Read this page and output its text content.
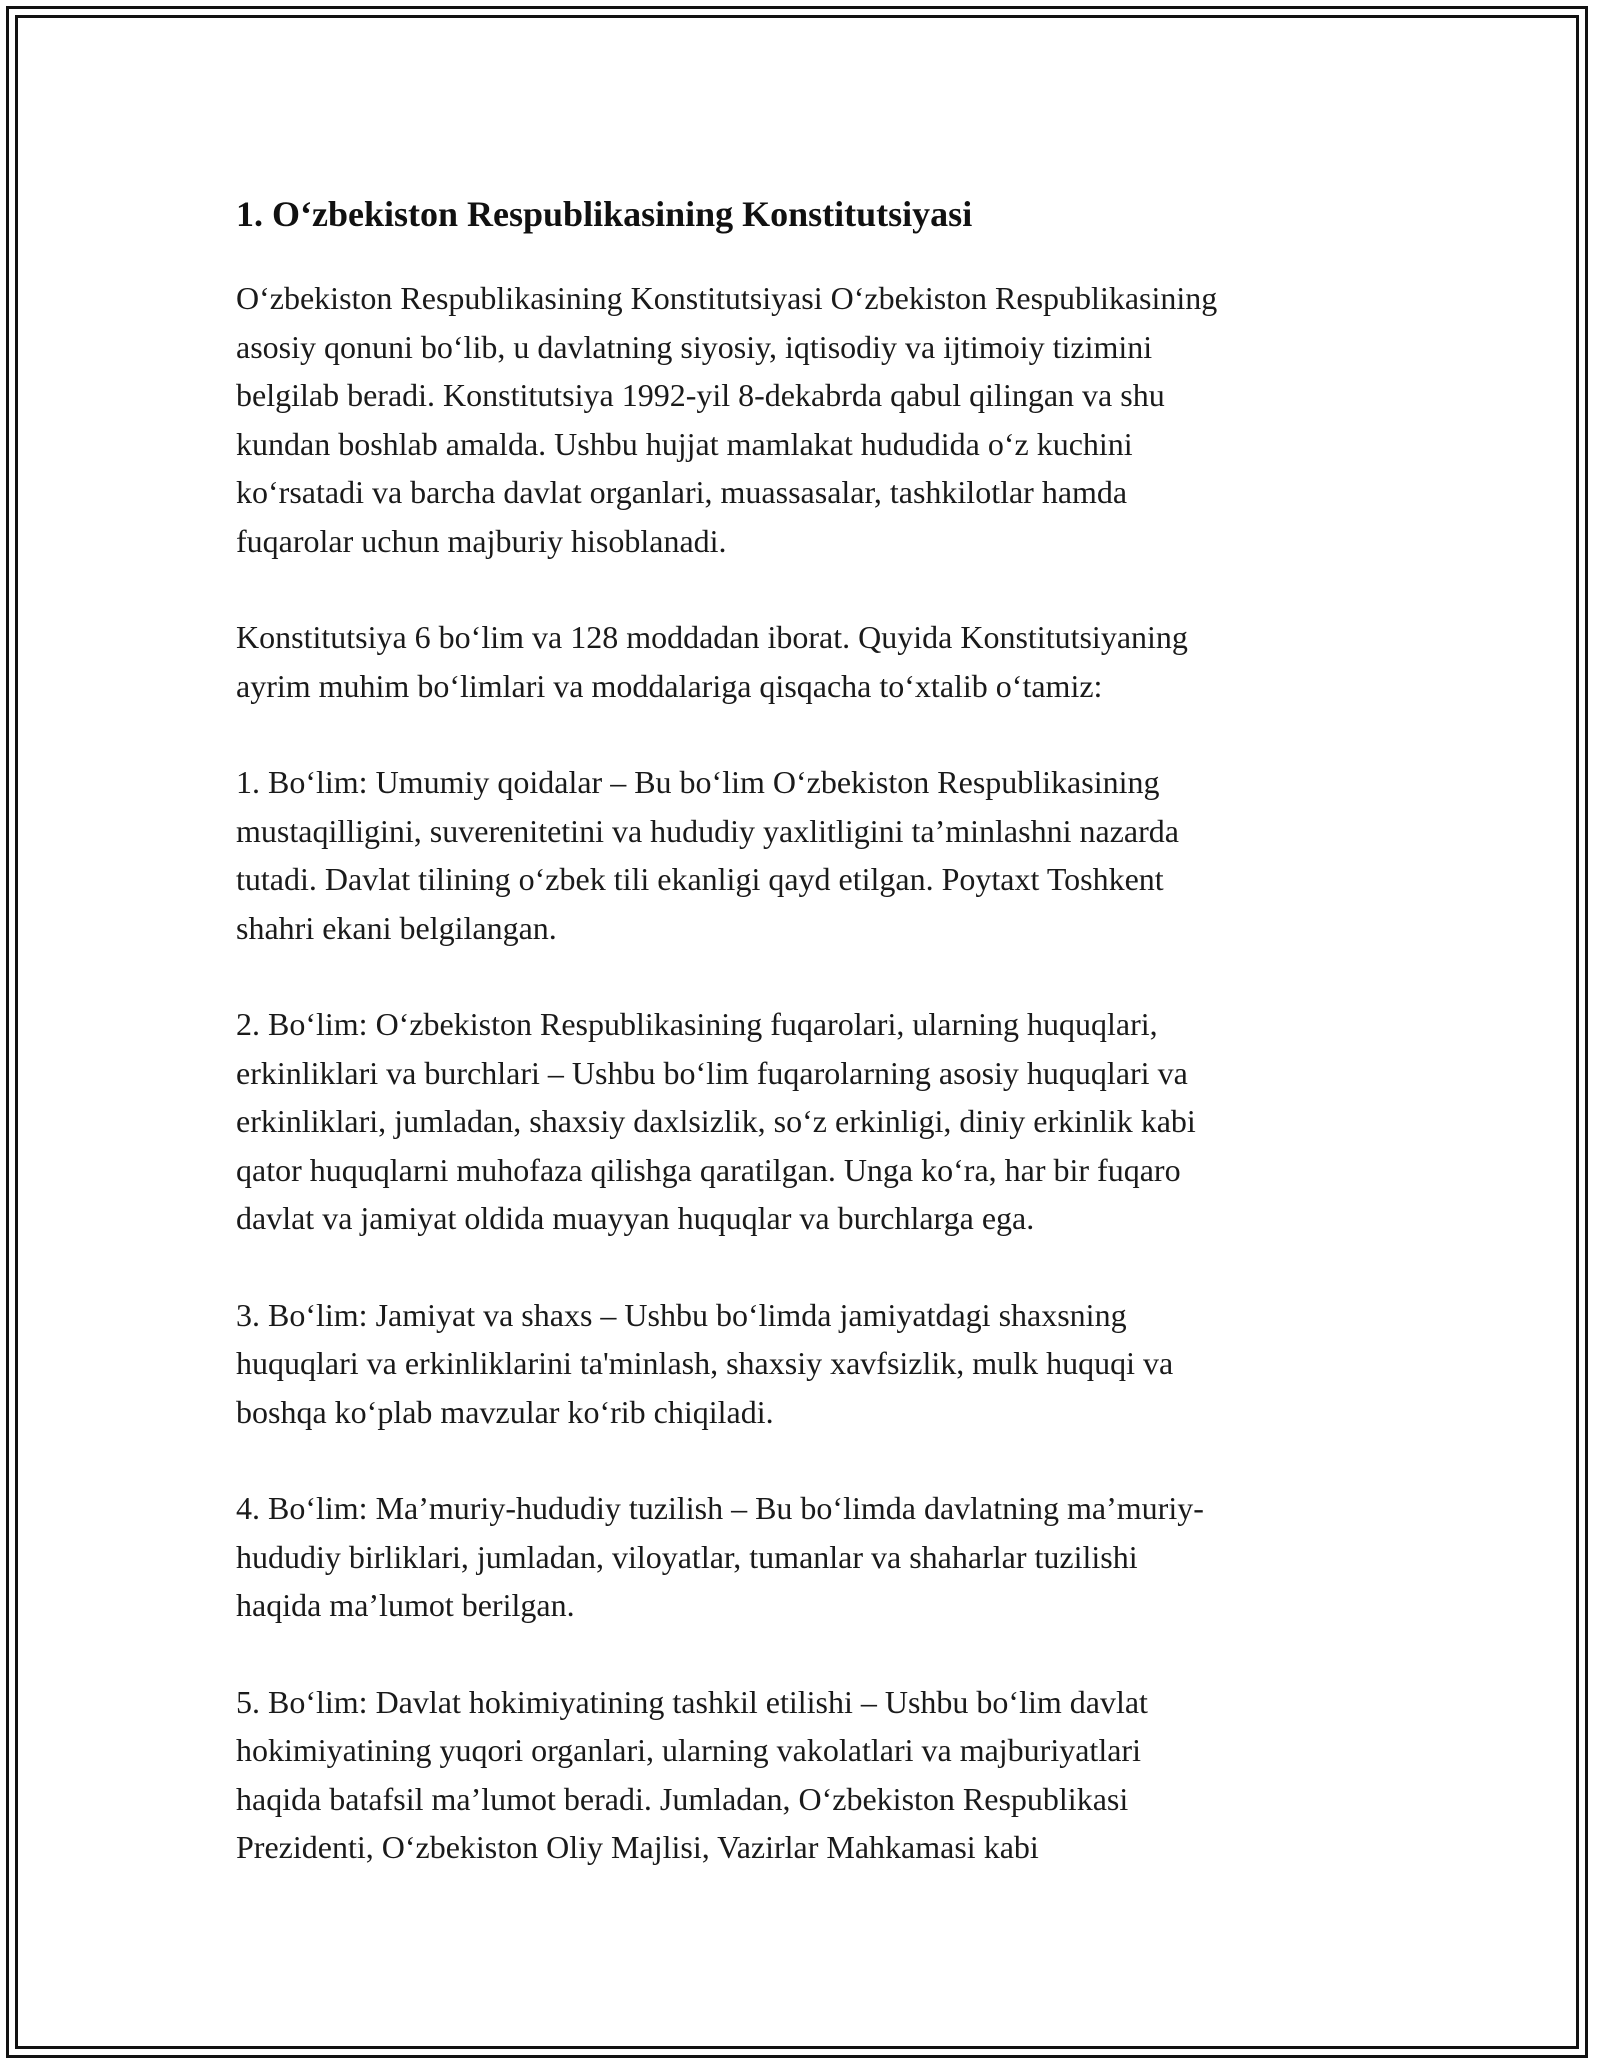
1. O‘zbekiston Respublikasining Konstitutsiyasi

O‘zbekiston Respublikasining Konstitutsiyasi O‘zbekiston Respublikasining
asosiy qonuni bo‘lib, u davlatning siyosiy, iqtisodiy va ijtimoiy tizimini
belgilab beradi. Konstitutsiya 1992-yil 8-dekabrda qabul qilingan va shu
kundan boshlab amalda. Ushbu hujjat mamlakat hududida o‘z kuchini
ko‘rsatadi va barcha davlat organlari, muassasalar, tashkilotlar hamda
fuqarolar uchun majburiy hisoblanadi.

Konstitutsiya 6 bo‘lim va 128 moddadan iborat. Quyida Konstitutsiyaning
ayrim muhim bo‘limlari va moddalariga qisqacha to‘xtalib o‘tamiz:

1. Bo‘lim: Umumiy qoidalar – Bu bo‘lim O‘zbekiston Respublikasining
mustaqilligini, suverenitetini va hududiy yaxlitligini ta’minlashni nazarda
tutadi. Davlat tilining o‘zbek tili ekanligi qayd etilgan. Poytaxt Toshkent
shahri ekani belgilangan.

2. Bo‘lim: O‘zbekiston Respublikasining fuqarolari, ularning huquqlari,
erkinliklari va burchlari – Ushbu bo‘lim fuqarolarning asosiy huquqlari va
erkinliklari, jumladan, shaxsiy daxlsizlik, so‘z erkinligi, diniy erkinlik kabi
qator huquqlarni muhofaza qilishga qaratilgan. Unga ko‘ra, har bir fuqaro
davlat va jamiyat oldida muayyan huquqlar va burchlarga ega.

3. Bo‘lim: Jamiyat va shaxs – Ushbu bo‘limda jamiyatdagi shaxsning
huquqlari va erkinliklarini ta'minlash, shaxsiy xavfsizlik, mulk huquqi va
boshqa ko‘plab mavzular ko‘rib chiqiladi.

4. Bo‘lim: Ma’muriy-hududiy tuzilish – Bu bo‘limda davlatning ma’muriy-
hududiy birliklari, jumladan, viloyatlar, tumanlar va shaharlar tuzilishi
haqida ma’lumot berilgan.

5. Bo‘lim: Davlat hokimiyatining tashkil etilishi – Ushbu bo‘lim davlat
hokimiyatining yuqori organlari, ularning vakolatlari va majburiyatlari
haqida batafsil ma’lumot beradi. Jumladan, O‘zbekiston Respublikasi
Prezidenti, O‘zbekiston Oliy Majlisi, Vazirlar Mahkamasi kabi
